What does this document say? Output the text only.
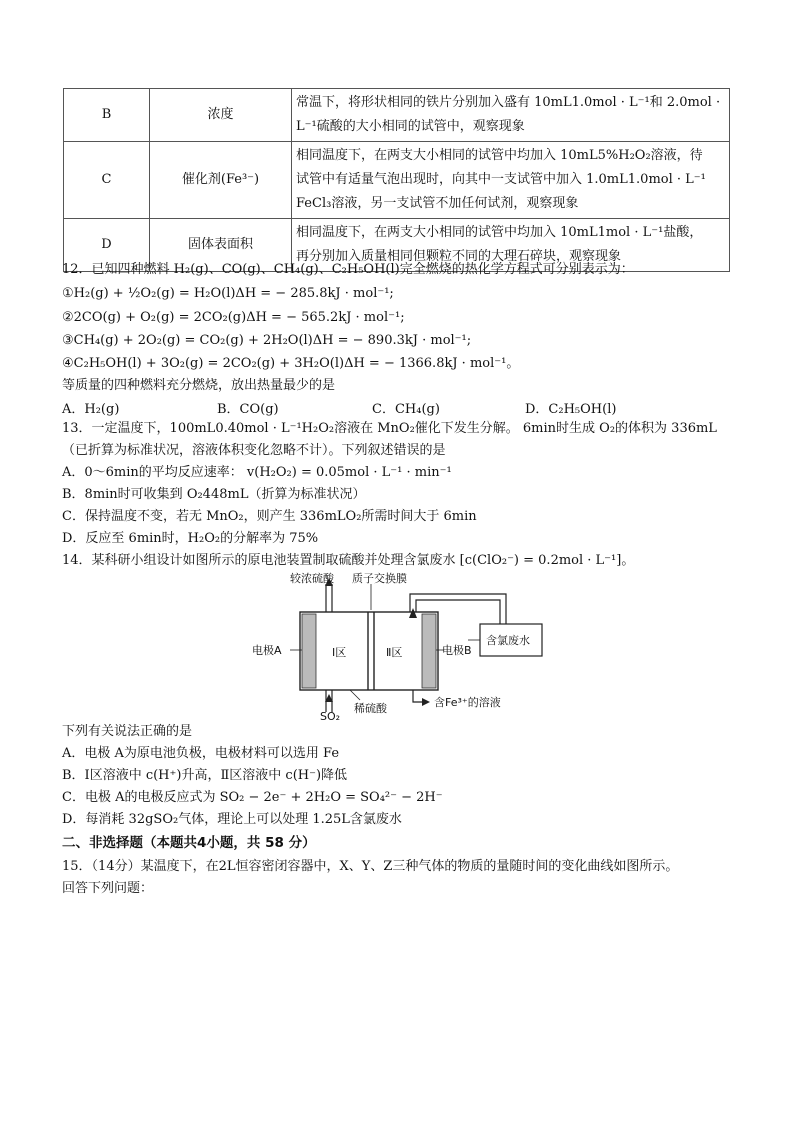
B	浓度	常温下，将形状相同的铁片分别加入盛有 10mL1.0mol · L⁻¹和 2.0mol ·
L⁻¹硫酸的大小相同的试管中，观察现象

C	催化剂(Fe³⁻)	相同温度下，在两支大小相同的试管中均加入 10mL5%H₂O₂溶液，待
试管中有适量气泡出现时，向其中一支试管中加入 1.0mL1.0mol · L⁻¹
FeCl₃溶液，另一支试管不加任何试剂，观察现象

D	固体表面积	相同温度下，在两支大小相同的试管中均加入 10mL1mol · L⁻¹盐酸，
再分别加入质量相同但颗粒不同的大理石碎块，观察现象
12．已知四种燃料 H₂(g)、CO(g)、CH₄(g)、C₂H₅OH(l)完全燃烧的热化学方程式可分别表示为：
①H₂(g) + ½O₂(g) = H₂O(l)ΔH = − 285.8kJ · mol⁻¹;
②2CO(g) + O₂(g) = 2CO₂(g)ΔH = − 565.2kJ · mol⁻¹;
③CH₄(g) + 2O₂(g) = CO₂(g) + 2H₂O(l)ΔH = − 890.3kJ · mol⁻¹;
④C₂H₅OH(l) + 3O₂(g) = 2CO₂(g) + 3H₂O(l)ΔH = − 1366.8kJ · mol⁻¹。
等质量的四种燃料充分燃烧，放出热量最少的是
A．H₂(g)	B．CO(g)	C．CH₄(g)	D．C₂H₅OH(l)
13．一定温度下，100mL0.40mol · L⁻¹H₂O₂溶液在 MnO₂催化下发生分解。 6min时生成 O₂的体积为 336mL
（已折算为标准状况，溶液体积变化忽略不计）。下列叙述错误的是
A．0～6min的平均反应速率： v(H₂O₂) = 0.05mol · L⁻¹ · min⁻¹
B．8min时可收集到 O₂448mL（折算为标准状况）
C．保持温度不变，若无 MnO₂，则产生 336mLO₂所需时间大于 6min
D．反应至 6min时，H₂O₂的分解率为 75%
14．某科研小组设计如图所示的原电池装置制取硫酸并处理含氯废水 [c(ClO₂⁻) = 0.2mol · L⁻¹]。
较浓硫酸 质子交换膜
电极A	Ⅰ区	Ⅱ区	电极B
含氯废水
SO₂
稀硫酸	含Fe³⁺的溶液
下列有关说法正确的是
A．电极 A为原电池负极，电极材料可以选用 Fe
B．Ⅰ区溶液中 c(H⁺)升高，Ⅱ区溶液中 c(H⁻)降低
C．电极 A的电极反应式为 SO₂ − 2e⁻ + 2H₂O = SO₄²⁻ − 2H⁻
D．每消耗 32gSO₂气体，理论上可以处理 1.25L含氯废水
二、非选择题（本题共4小题，共 58 分）
15．（14分）某温度下，在2L恒容密闭容器中，X、Y、Z三种气体的物质的量随时间的变化曲线如图所示。
回答下列问题：
